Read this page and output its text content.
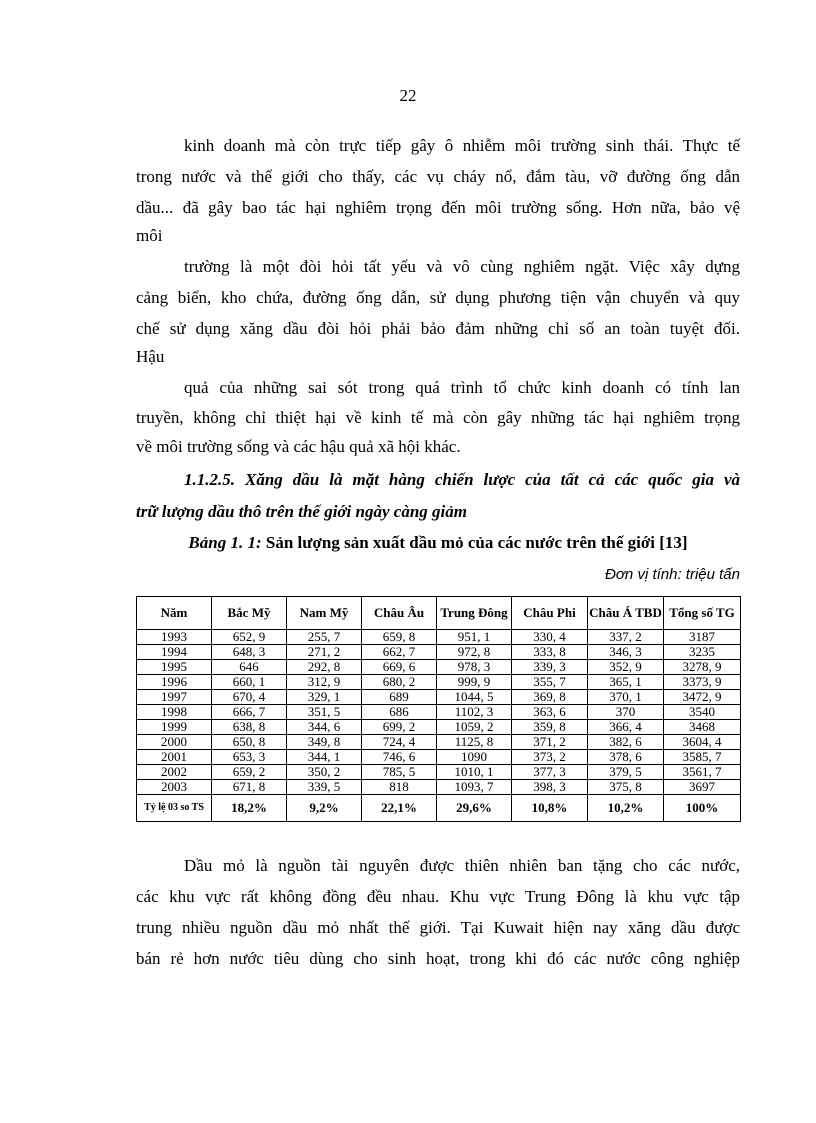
22
kinh doanh mà còn trực tiếp gây ô nhiễm môi trường sinh thái. Thực tế
trong nước và thế giới cho thấy, các vụ cháy nổ, đắm tàu, vỡ đường ống dẫn
dầu... đã gây bao tác hại nghiêm trọng đến môi trường sống. Hơn nữa, bảo vệ
môi
trường là một đòi hỏi tất yếu và vô cùng nghiêm ngặt. Việc xây dựng
cảng biển, kho chứa, đường ống dẫn, sử dụng phương tiện vận chuyển và quy
chế sử dụng xăng dầu đòi hỏi phải bảo đảm những chỉ số an toàn tuyệt đối.
Hậu
quả của những sai sót trong quá trình tổ chức kinh doanh có tính lan
truyền, không chỉ thiệt hại về kinh tế mà còn gây những tác hại nghiêm trọng
về môi trường sống và các hậu quả xã hội khác.
1.1.2.5. Xăng dầu là mặt hàng chiến lược của tất cả các quốc gia và
trữ lượng dầu thô trên thế giới ngày càng giảm
Bảng 1. 1: Sản lượng sản xuất dầu mỏ của các nước trên thế giới [13]
Đơn vị tính: triệu tấn
Năm	Bắc Mỹ	Nam Mỹ	Châu Âu	Trung Đông	Châu Phi	Châu Á TBD	Tổng số TG
1993	652, 9	255, 7	659, 8	951, 1	330, 4	337, 2	3187
1994	648, 3	271, 2	662, 7	972, 8	333, 8	346, 3	3235
1995	646	292, 8	669, 6	978, 3	339, 3	352, 9	3278, 9
1996	660, 1	312, 9	680, 2	999, 9	355, 7	365, 1	3373, 9
1997	670, 4	329, 1	689	1044, 5	369, 8	370, 1	3472, 9
1998	666, 7	351, 5	686	1102, 3	363, 6	370	3540
1999	638, 8	344, 6	699, 2	1059, 2	359, 8	366, 4	3468
2000	650, 8	349, 8	724, 4	1125, 8	371, 2	382, 6	3604, 4
2001	653, 3	344, 1	746, 6	1090	373, 2	378, 6	3585, 7
2002	659, 2	350, 2	785, 5	1010, 1	377, 3	379, 5	3561, 7
2003	671, 8	339, 5	818	1093, 7	398, 3	375, 8	3697
Tỷ lệ 03 so TS	18,2%	9,2%	22,1%	29,6%	10,8%	10,2%	100%
Dầu mỏ là nguồn tài nguyên được thiên nhiên ban tặng cho các nước,
các khu vực rất không đồng đều nhau. Khu vực Trung Đông là khu vực tập
trung nhiều nguồn dầu mỏ nhất thế giới. Tại Kuwait hiện nay xăng dầu được
bán rẻ hơn nước tiêu dùng cho sinh hoạt, trong khi đó các nước công nghiệp
